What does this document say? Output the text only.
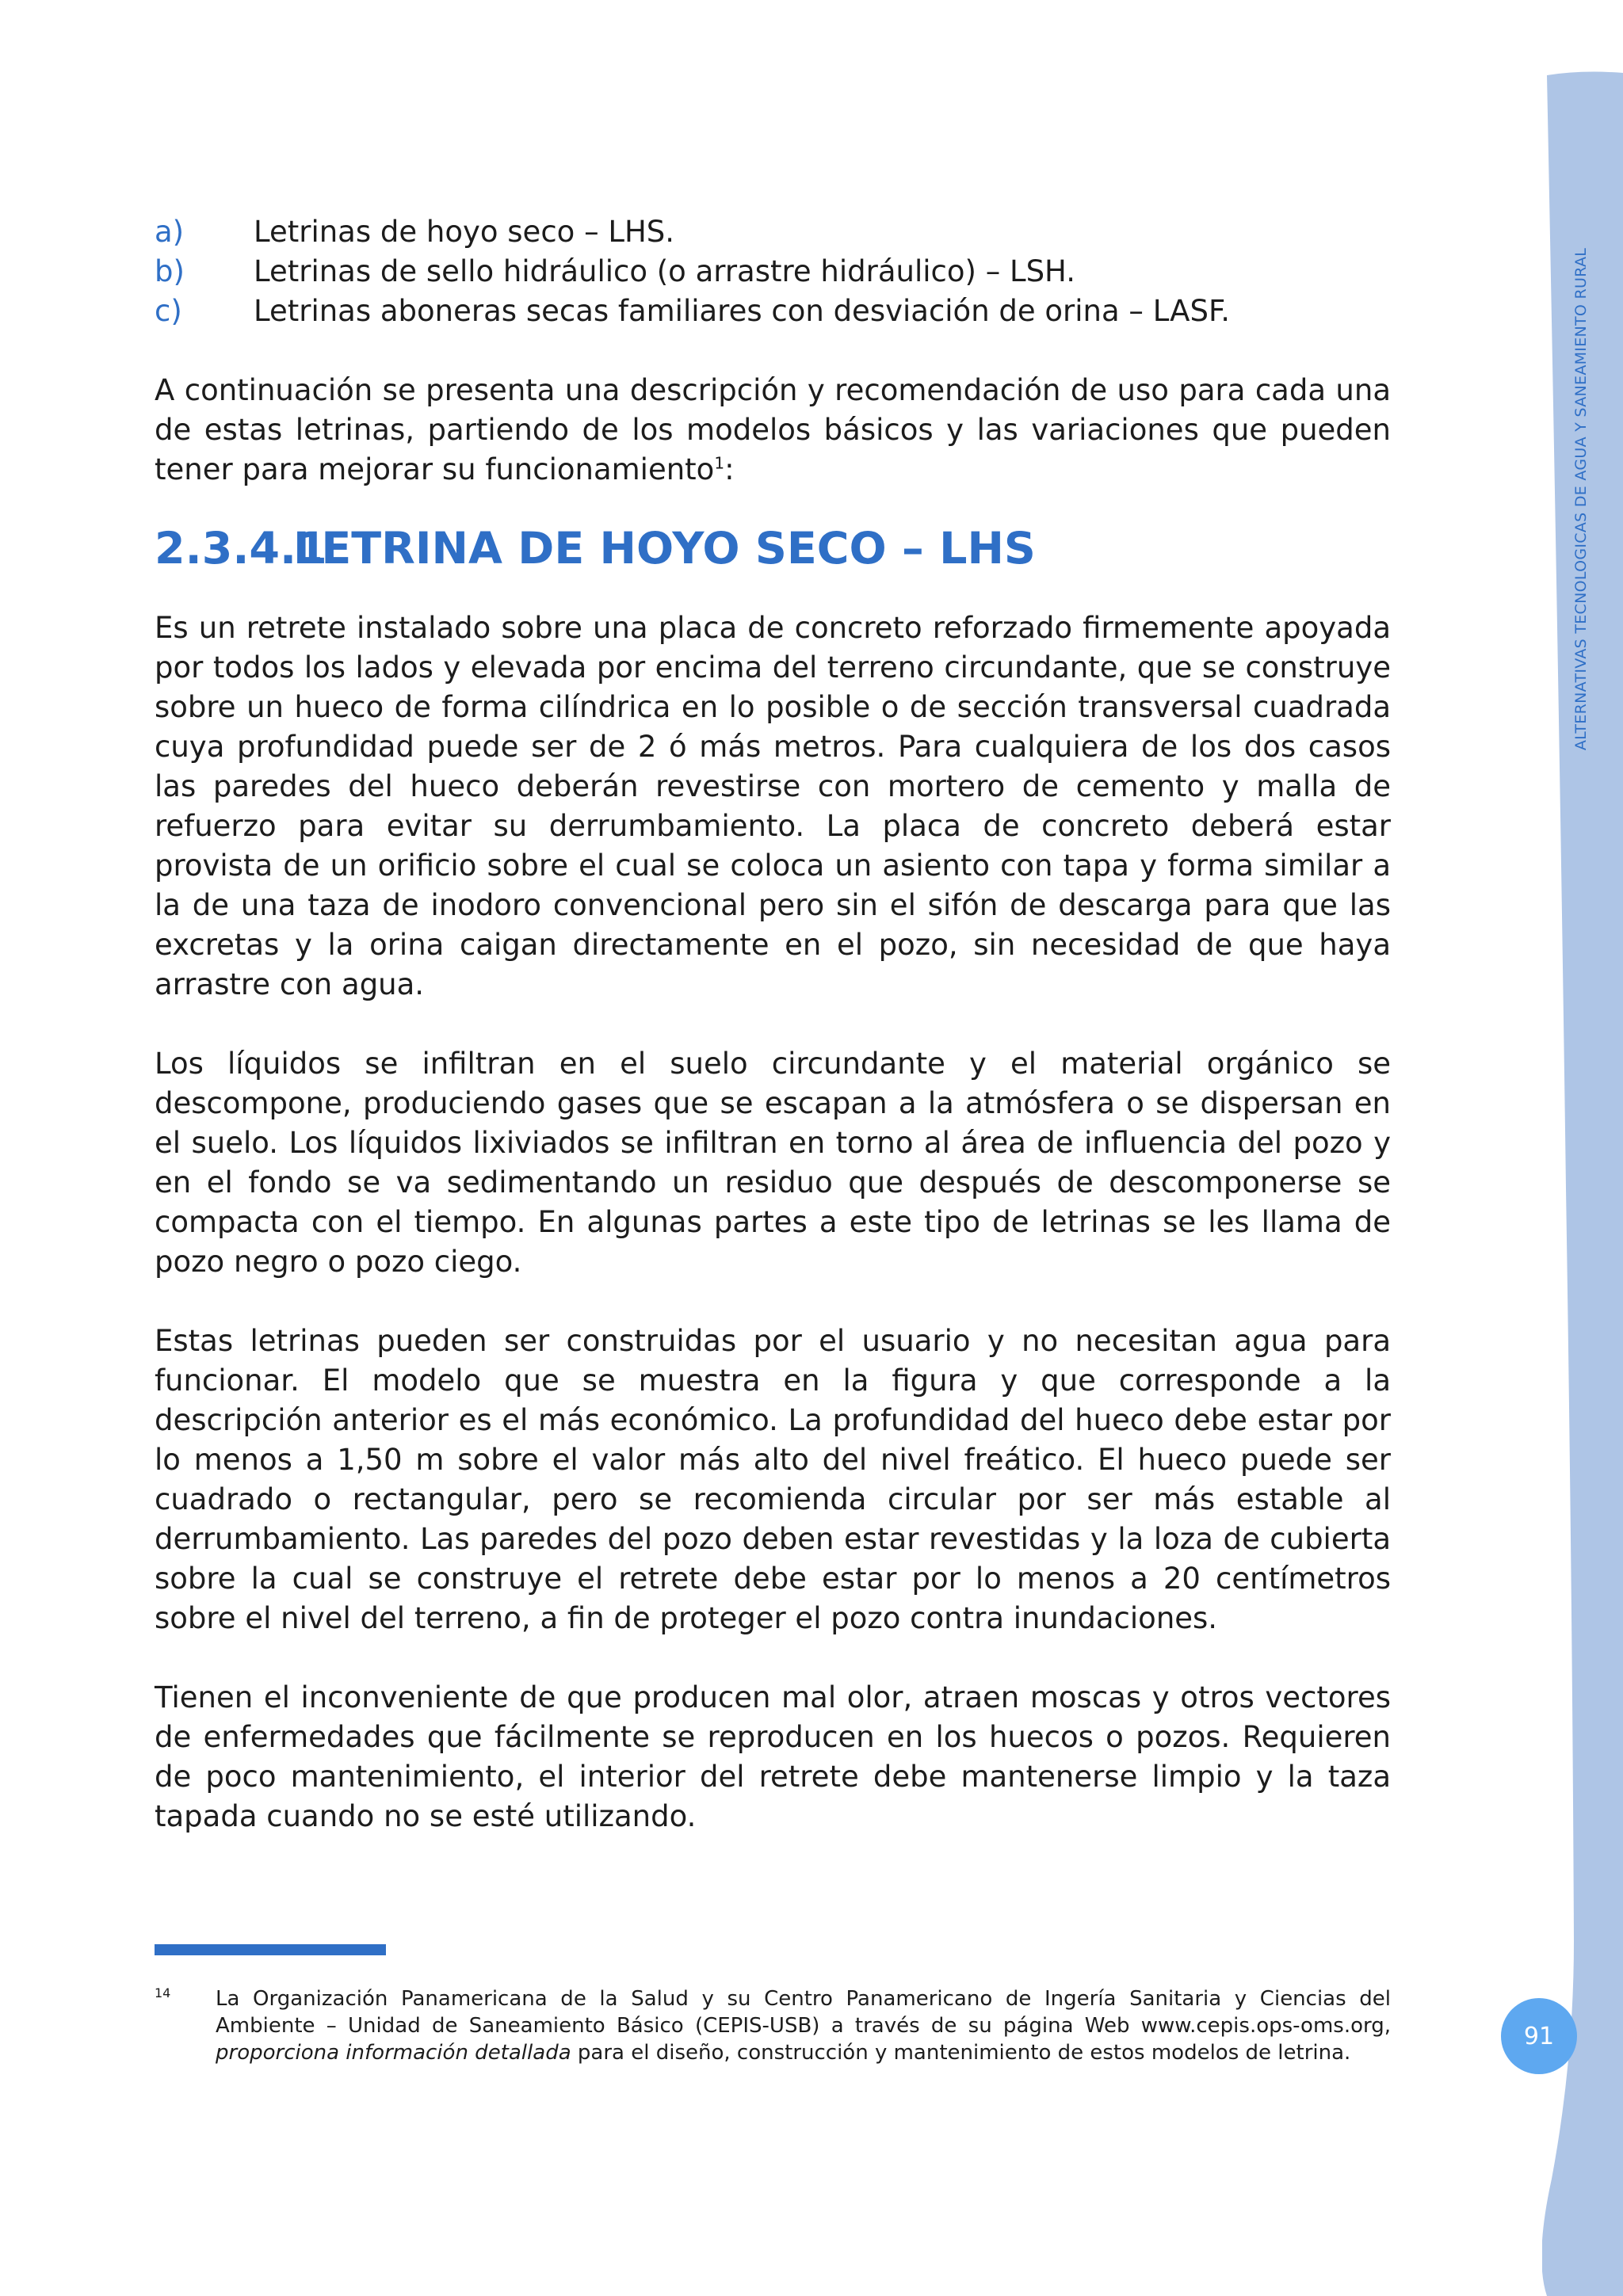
ALTERNATIVAS TECNOLOGICAS DE AGUA Y SANEAMIENTO RURAL
91
a)	Letrinas de hoyo seco – LHS.
b)	Letrinas de sello hidráulico (o arrastre hidráulico) – LSH.
c)	Letrinas aboneras secas familiares con desviación de orina – LASF.

A continuación se presenta una descripción y recomendación de uso para cada una de estas letrinas, partiendo de los modelos básicos y las variaciones que pueden tener para mejorar su funcionamiento$^1$:

2.3.4.1
LETRINA DE HOYO SECO – LHS

Es un retrete instalado sobre una placa de concreto reforzado firmemente apoyada por todos los lados y elevada por encima del terreno circundante, que se construye sobre un hueco de forma cilíndrica en lo posible o de sección transversal cuadrada cuya profundidad puede ser de 2 ó más metros. Para cualquiera de los dos casos las paredes del hueco deberán revestirse con mortero de cemento y malla de refuerzo para evitar su derrumbamiento. La placa de concreto deberá estar provista de un orificio sobre el cual se coloca un asiento con tapa y forma similar a la de una taza de inodoro convencional pero sin el sifón de descarga para que las excretas y la orina caigan directamente en el pozo, sin necesidad de que haya arrastre con agua.

Los líquidos se infiltran en el suelo circundante y el material orgánico se descompone, produciendo gases que se escapan a la atmósfera o se dispersan en el suelo. Los líquidos lixiviados se infiltran en torno al área de influencia del pozo y en el fondo se va sedimentando un residuo que después de descomponerse se compacta con el tiempo. En algunas partes a este tipo de letrinas se les llama de pozo negro o pozo ciego.

Estas letrinas pueden ser construidas por el usuario y no necesitan agua para funcionar. El modelo que se muestra en la figura y que corresponde a la descripción anterior es el más económico. La profundidad del hueco debe estar por lo menos a 1,50 m sobre el valor más alto del nivel freático. El hueco puede ser cuadrado o rectangular, pero se recomienda circular por ser más estable al derrumbamiento. Las paredes del pozo deben estar revestidas y la loza de cubierta sobre la cual se construye el retrete debe estar por lo menos a 20 centímetros sobre el nivel del terreno, a fin de proteger el pozo contra inundaciones.

Tienen el inconveniente de que producen mal olor, atraen moscas y otros vectores de enfermedades que fácilmente se reproducen en los huecos o pozos. Requieren de poco mantenimiento, el interior del retrete debe mantenerse limpio y la taza tapada cuando no se esté utilizando.

14	La Organización Panamericana de la Salud y su Centro Panamericano de Ingería Sanitaria y Ciencias del Ambiente – Unidad de Saneamiento Básico (CEPIS-USB) a través de su página Web www.cepis.ops-oms.org, proporciona información detallada para el diseño, construcción y mantenimiento de estos modelos de letrina.
